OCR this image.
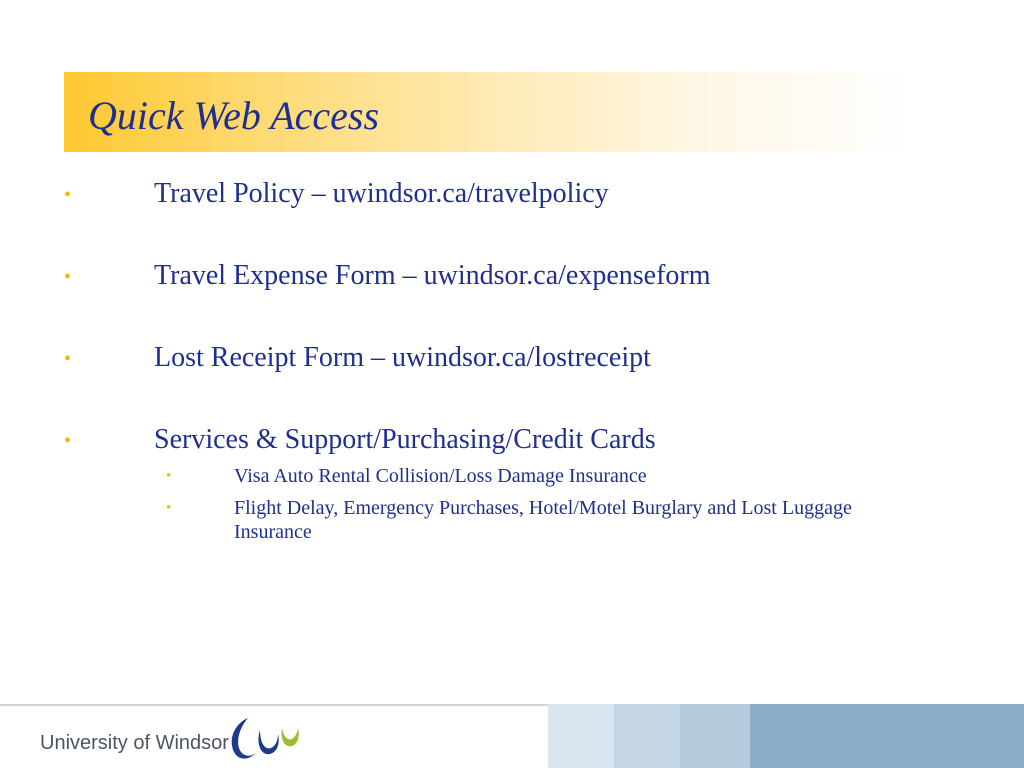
Quick Web Access
•	Travel Policy – uwindsor.ca/travelpolicy
•	Travel Expense Form – uwindsor.ca/expenseform
•	Lost Receipt Form – uwindsor.ca/lostreceipt
•	Services & Support/Purchasing/Credit Cards
•	Visa Auto Rental Collision/Loss Damage Insurance
•	Flight Delay, Emergency Purchases, Hotel/Motel Burglary and Lost Luggage Insurance
University of Windsor
thinking forward
